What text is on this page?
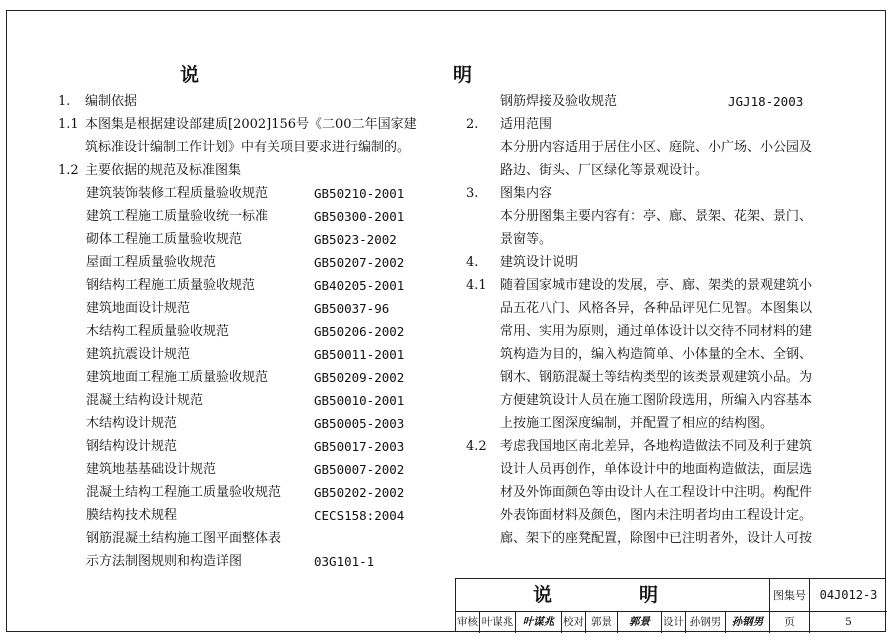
说　　明
1. 编制依据
1.1 本图集是根据建设部建质[2002]156号《二00二年国家建
筑标准设计编制工作计划》中有关项目要求进行编制的。
1.2 主要依据的规范及标准图集
建筑装饰装修工程质量验收规范	GB50210-2001
建筑工程施工质量验收统一标准	GB50300-2001
砌体工程施工质量验收规范	GB5023-2002
屋面工程质量验收规范	GB50207-2002
钢结构工程施工质量验收规范	GB40205-2001
建筑地面设计规范	GB50037-96
木结构工程质量验收规范	GB50206-2002
建筑抗震设计规范	GB50011-2001
建筑地面工程施工质量验收规范	GB50209-2002
混凝土结构设计规范	GB50010-2001
木结构设计规范	GB50005-2003
钢结构设计规范	GB50017-2003
建筑地基基础设计规范	GB50007-2002
混凝土结构工程施工质量验收规范	GB50202-2002
膜结构技术规程	CECS158:2004
钢筋混凝土结构施工图平面整体表
示方法制图规则和构造详图	03G101-1
钢筋焊接及验收规范	JGJ18-2003
2. 适用范围
本分册内容适用于居住小区、庭院、小广场、小公园及
路边、街头、厂区绿化等景观设计。
3. 图集内容
本分册图集主要内容有：亭、廊、景架、花架、景门、
景窗等。
4. 建筑设计说明
4.1 随着国家城市建设的发展，亭、廊、架类的景观建筑小
品五花八门、风格各异，各种品评见仁见智。本图集以
常用、实用为原则，通过单体设计以交待不同材料的建
筑构造为目的，编入构造简单、小体量的全木、全钢、
钢木、钢筋混凝土等结构类型的该类景观建筑小品。为
方便建筑设计人员在施工图阶段选用，所编入内容基本
上按施工图深度编制，并配置了相应的结构图。
4.2 考虑我国地区南北差异，各地构造做法不同及利于建筑
设计人员再创作，单体设计中的地面构造做法，面层选
材及外饰面颜色等由设计人在工程设计中注明。构配件
外表饰面材料及颜色，图内未注明者均由工程设计定。
廊、架下的座凳配置，除图中已注明者外，设计人可按
说　明	图集号	04J012-3
审核 叶谋兆 叶谋兆 校对 郭景	郭景	设计 孙钢男	孙钢男	页	5
